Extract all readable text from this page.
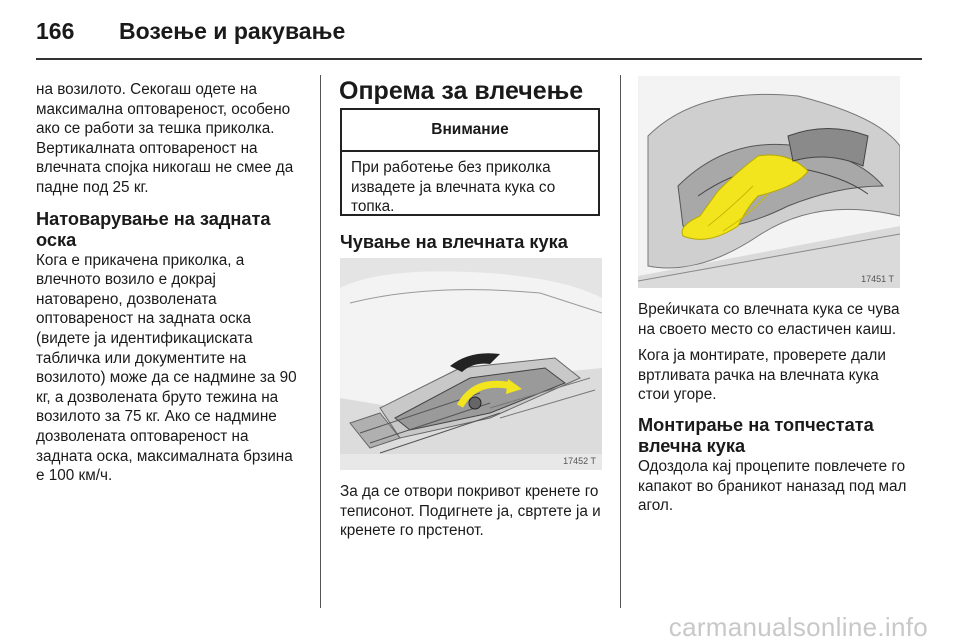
166 Возење и ракување

на возилото. Секогаш одете на максимална оптовареност, особено ако се работи за тешка приколка. Вертикалната оптовареност на влечната спојка никогаш не смее да падне под 25 кг.

Натоварување на задната оска

Кога е прикачена приколка, а влечното возило е докрај натоварено, дозволената оптовареност на задната оска (видете ја идентификациската табличка или документите на возилото) може да се надмине за 90 кг, а дозволената бруто тежина на возилото за 75 кг. Ако се надмине дозволената оптовареност на задната оска, максималната брзина е 100 км/ч.

Опрема за влечење
Внимание
При работење без приколка извадете ја влечната кука со топка.
Чување на влечната кука
17452 T
За да се отвори покривот кренете го теписонот. Подигнете ја, свртете ја и кренете го прстенот.
17451 T

Вреќичката со влечната кука се чува на своето место со еластичен каиш.

Кога ја монтирате, проверете дали вртливата рачка на влечната кука стои угоре.

Монтирање на топчестата влечна кука

Одоздола кај процепите повлечете го капакот во браникот наназад под мал агол.

carmanualsonline.info
